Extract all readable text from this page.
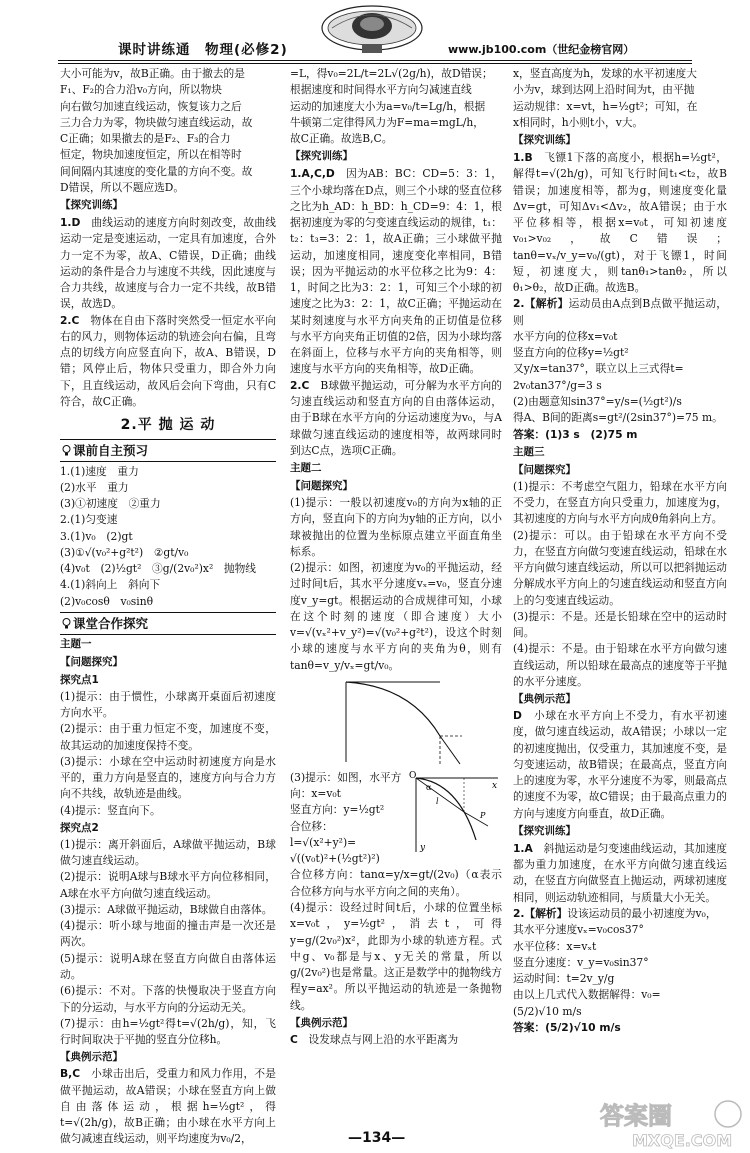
课时讲练通　物理(必修2)	www.jb100.com（世纪金榜官网）

大小可能为v，故B正确。由于撤去的是

F₁、F₂的合力沿v₀方向，所以物块

向右做匀加速直线运动，恢复该力之后

三力合力为零，物块做匀速直线运动，故

C正确；如果撤去的是F₂、F₃的合力

恒定，物块加速度恒定，所以在相等时

间间隔内其速度的变化量的方向不变。故

D错误，所以不题应选D。

【探究训练】

1.D　 曲线运动的速度方向时刻改变，故曲线运动一定是变速运动，一定具有加速度，合外力一定不为零，故A、C错误，D正确；曲线运动的条件是合力与速度不共线，因此速度与合力共线，故速度与合力一定不共线，故B错误，故选D。

2.C　 物体在自由下落时突然受一恒定水平向右的风力，则物体运动的轨迹会向右偏，且弯点的切线方向应竖直向下，故A、B错误，D错；风停止后，物体只受重力，即合外力向下，且直线运动，故风后会向下弯曲，只有C符合，故C正确。

2.平 抛 运 动
课前自主预习

1.(1)速度　重力

(2)水平　重力

(3)①初速度　②重力

2.(1)匀变速

3.(1)v₀　(2)gt

(3)①√(v₀²+g²t²)　②gt/v₀

(4)v₀t　(2)½gt²　③g/(2v₀²)x²　抛物线

4.(1)斜向上　斜向下

(2)v₀cosθ　v₀sinθ

课堂合作探究
主题一
【问题探究】
探究点1

(1)提示：由于惯性，小球离开桌面后初速度方向水平。

(2)提示：由于重力恒定不变，加速度不变，故其运动的加速度保持不变。

(3)提示：小球在空中运动时初速度方向是水平的，重力方向是竖直的，速度方向与合力方向不共线，故轨迹是曲线。

(4)提示：竖直向下。

探究点2

(1)提示：离开斜面后，A球做平抛运动，B球做匀速直线运动。

(2)提示：说明A球与B球水平方向位移相同，A球在水平方向做匀速直线运动。

(3)提示：A球做平抛运动，B球做自由落体。

(4)提示：听小球与地面的撞击声是一次还是两次。

(5)提示：说明A球在竖直方向做自由落体运动。

(6)提示：不对。下落的快慢取决于竖直方向下的分运动，与水平方向的分运动无关。

(7)提示：由h=½gt²得t=√(2h/g)，知，飞行时间取决于平抛的竖直分位移h。

【典例示范】

B,C　 小球击出后，受重力和风力作用，不是做平抛运动，故A错误；小球在竖直方向上做自由落体运动，根据h=½gt²，得t=√(2h/g)，故B正确；由小球在水平方向上做匀减速直线运动，则平均速度为v₀/2，

=L，得v₀=2L/t=2L√(2g/h)，故D错误；

根据速度和时间得水平方向匀减速直线

运动的加速度大小为a=v₀/t=Lg/h，根据

牛顿第二定律得风力为F=ma=mgL/h，

故C正确。故选B,C。

【探究训练】

1.A,C,D　 因为AB：BC：CD=5：3：1，三个小球均落在D点，则三个小球的竖直位移之比为h_AD：h_BD：h_CD=9：4：1，根据初速度为零的匀变速直线运动的规律，t₁：t₂：t₃=3：2：1，故A正确；三小球做平抛运动，加速度相同，速度变化率相同，B错误；因为平抛运动的水平位移之比为9：4：1，时间之比为3：2：1，可知三个小球的初速度之比为3：2：1，故C正确；平抛运动在某时刻速度与水平方向夹角的正切值是位移与水平方向夹角正切值的2倍，因为小球均落在斜面上，位移与水平方向的夹角相等，则速度与水平方向的夹角相等，故D正确。

2.C　 B球做平抛运动，可分解为水平方向的匀速直线运动和竖直方向的自由落体运动，由于B球在水平方向的分运动速度为v₀，与A球做匀速直线运动的速度相等，故两球同时到达C点，选项C正确。

主题二
【问题探究】

(1)提示：一般以初速度v₀的方向为x轴的正方向，竖直向下的方向为y轴的正方向，以小球被抛出的位置为坐标原点建立平面直角坐标系。

(2)提示：如图，初速度为v₀的平抛运动，经过时间t后，其水平分速度vₓ=v₀，竖直分速度v_y=gt。根据运动的合成规律可知，小球在这个时刻的速度（即合速度）大小v=√(vₓ²+v_y²)=√(v₀²+g²t²)，设这个时刻小球的速度与水平方向的夹角为θ，则有tanθ=v_y/vₓ=gt/v₀。

(3)提示：如图，水平方

向：x=v₀t

竖直方向：y=½gt²

合位移：

l=√(x²+y²)=

O
x
y
l
α
P

√((v₀t)²+(½gt²)²)

合位移方向：tanα=y/x=gt/(2v₀)（α表示合位移方向与水平方向之间的夹角）。

(4)提示：设经过时间t后，小球的位置坐标x=v₀t，y=½gt²，消去t，可得y=g/(2v₀²)x²，此即为小球的轨迹方程。式中g、v₀都是与x、y无关的常量，所以g/(2v₀²)也是常量。这正是数学中的抛物线方程y=ax²。所以平抛运动的轨迹是一条抛物线。

【典例示范】

C　 设发球点与网上沿的水平距离为

x，竖直高度为h，发球的水平初速度大

小为v，球到达网上沿时间为t，由平抛

运动规律：x=vt，h=½gt²；可知，在

x相同时，h小则t小，v大。

【探究训练】

1.B　 飞镖1下落的高度小，根据h=½gt²，解得t=√(2h/g)，可知飞行时间t₁<t₂，故B错误；加速度相等，都为g，则速度变化量Δv=gt，可知Δv₁<Δv₂，故A错误；由于水平位移相等，根据x=v₀t，可知初速度v₀₁>v₀₂，故C错误；tanθ=vₓ/v_y=v₀/(gt)，对于飞镖1，时间短，初速度大，则tanθ₁>tanθ₂，所以θ₁>θ₂，故D正确。故选B。

2.【解析】运动员由A点到B点做平抛运动，则

水平方向的位移x=v₀t

竖直方向的位移y=½gt²

又y/x=tan37°，联立以上三式得t=

2v₀tan37°/g=3 s

(2)由题意知sin37°=y/s=(½gt²)/s

得A、B间的距离s=gt²/(2sin37°)=75 m。

答案：(1)3 s　(2)75 m

主题三
【问题探究】

(1)提示：不考虑空气阻力，铅球在水平方向不受力，在竖直方向只受重力，加速度为g，其初速度的方向与水平方向成θ角斜向上方。

(2)提示：可以。由于铅球在水平方向不受力，在竖直方向做匀变速直线运动，铅球在水平方向做匀速直线运动，所以可以把斜抛运动分解成水平方向上的匀速直线运动和竖直方向上的匀变速直线运动。

(3)提示：不是。还是长铅球在空中的运动时间。

(4)提示：不是。由于铅球在水平方向做匀速直线运动，所以铅球在最高点的速度等于平抛的水平分速度。

【典例示范】

D　 小球在水平方向上不受力，有水平初速度，做匀速直线运动，故A错误；小球以一定的初速度抛出，仅受重力，其加速度不变，是匀变速运动，故B错误；在最高点，竖直方向上的速度为零，水平分速度不为零，则最高点的速度不为零，故C错误；由于最高点重力的方向与速度方向垂直，故D正确。

【探究训练】

1.A　 斜抛运动是匀变速曲线运动，其加速度都为重力加速度，在水平方向做匀速直线运动，在竖直方向做竖直上抛运动，两球初速度相同，则运动轨迹相同，与质量大小无关。

2.【解析】设该运动员的最小初速度为v₀，

其水平分速度vₓ=v₀cos37°

水平位移：x=vₓt

竖直分速度：v_y=v₀sin37°

运动时间：t=2v_y/g

由以上几式代入数据解得：v₀=

(5/2)√10 m/s

答案：(5/2)√10 m/s

—134—
答案圈
MXQE.COM
